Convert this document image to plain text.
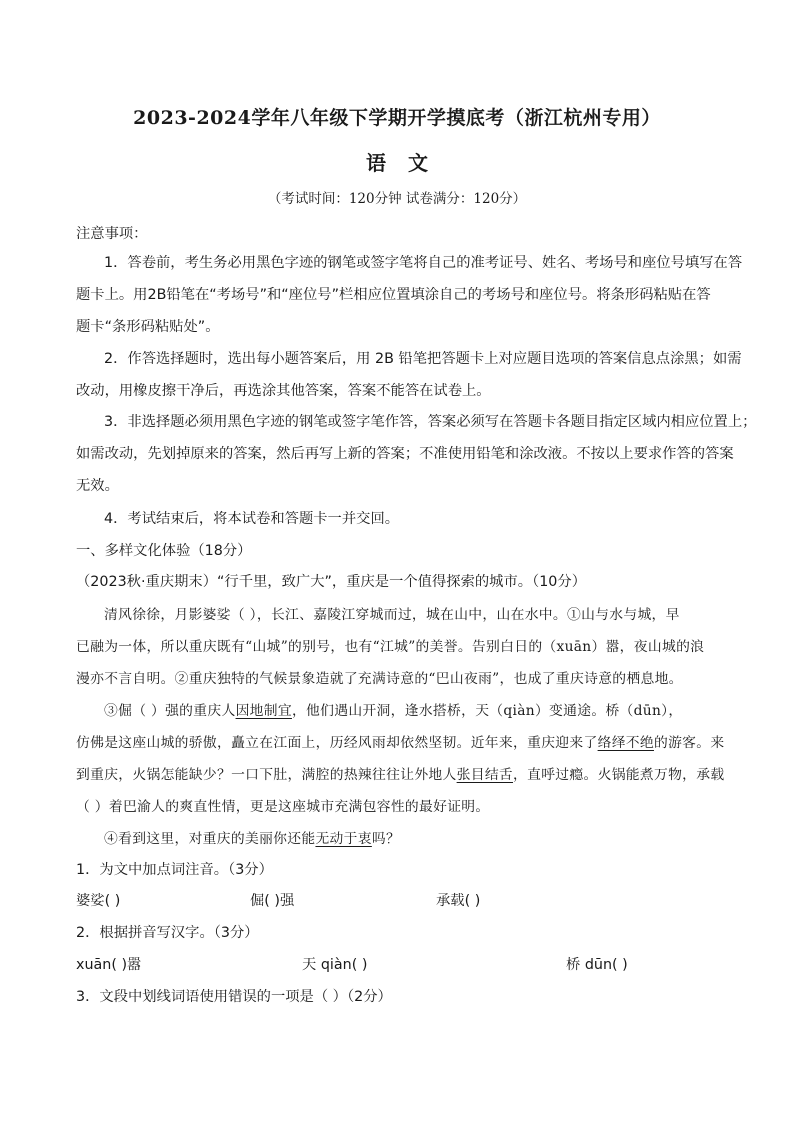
2023-2024学年八年级下学期开学摸底考（浙江杭州专用）
语文
（考试时间：120分钟 试卷满分：120分）
注意事项：
1．答卷前，考生务必用黑色字迹的钢笔或签字笔将自己的准考证号、姓名、考场号和座位号填写在答
题卡上。用2B铅笔在“考场号”和“座位号”栏相应位置填涂自己的考场号和座位号。将条形码粘贴在答
题卡“条形码粘贴处”。
2．作答选择题时，选出每小题答案后，用 2B 铅笔把答题卡上对应题目选项的答案信息点涂黑；如需
改动，用橡皮擦干净后，再选涂其他答案，答案不能答在试卷上。
3．非选择题必须用黑色字迹的钢笔或签字笔作答，答案必须写在答题卡各题目指定区域内相应位置上；
如需改动，先划掉原来的答案，然后再写上新的答案；不准使用铅笔和涂改液。不按以上要求作答的答案
无效。
4．考试结束后，将本试卷和答题卡一并交回。
一、多样文化体验（18分）
（2023秋·重庆期末）“行千里，致广大”，重庆是一个值得探索的城市。（10分）
清风徐徐，月影婆娑（ ），长江、嘉陵江穿城而过，城在山中，山在水中。①山与水与城，早
已融为一体，所以重庆既有“山城”的别号，也有“江城”的美誉。告别白日的（xuān）嚣，夜山城的浪
漫亦不言自明。②重庆独特的气候景象造就了充满诗意的“巴山夜雨”，也成了重庆诗意的栖息地。
③倔（ ）强的重庆人因地制宜，他们遇山开洞，逢水搭桥，天（qiàn）变通途。桥（dūn），
仿佛是这座山城的骄傲，矗立在江面上，历经风雨却依然坚韧。近年来，重庆迎来了络绎不绝的游客。来
到重庆，火锅怎能缺少？一口下肚，满腔的热辣往往让外地人张目结舌，直呼过瘾。火锅能煮万物，承载
（ ）着巴渝人的爽直性情，更是这座城市充满包容性的最好证明。
④看到这里，对重庆的美丽你还能无动于衷吗？
1．为文中加点词注音。（3分）
婆娑( )	倔( )强	承载( )
2．根据拼音写汉字。（3分）
xuān( )嚣	天 qiàn( )	桥 dūn( )
3．文段中划线词语使用错误的一项是（ ）（2分）
